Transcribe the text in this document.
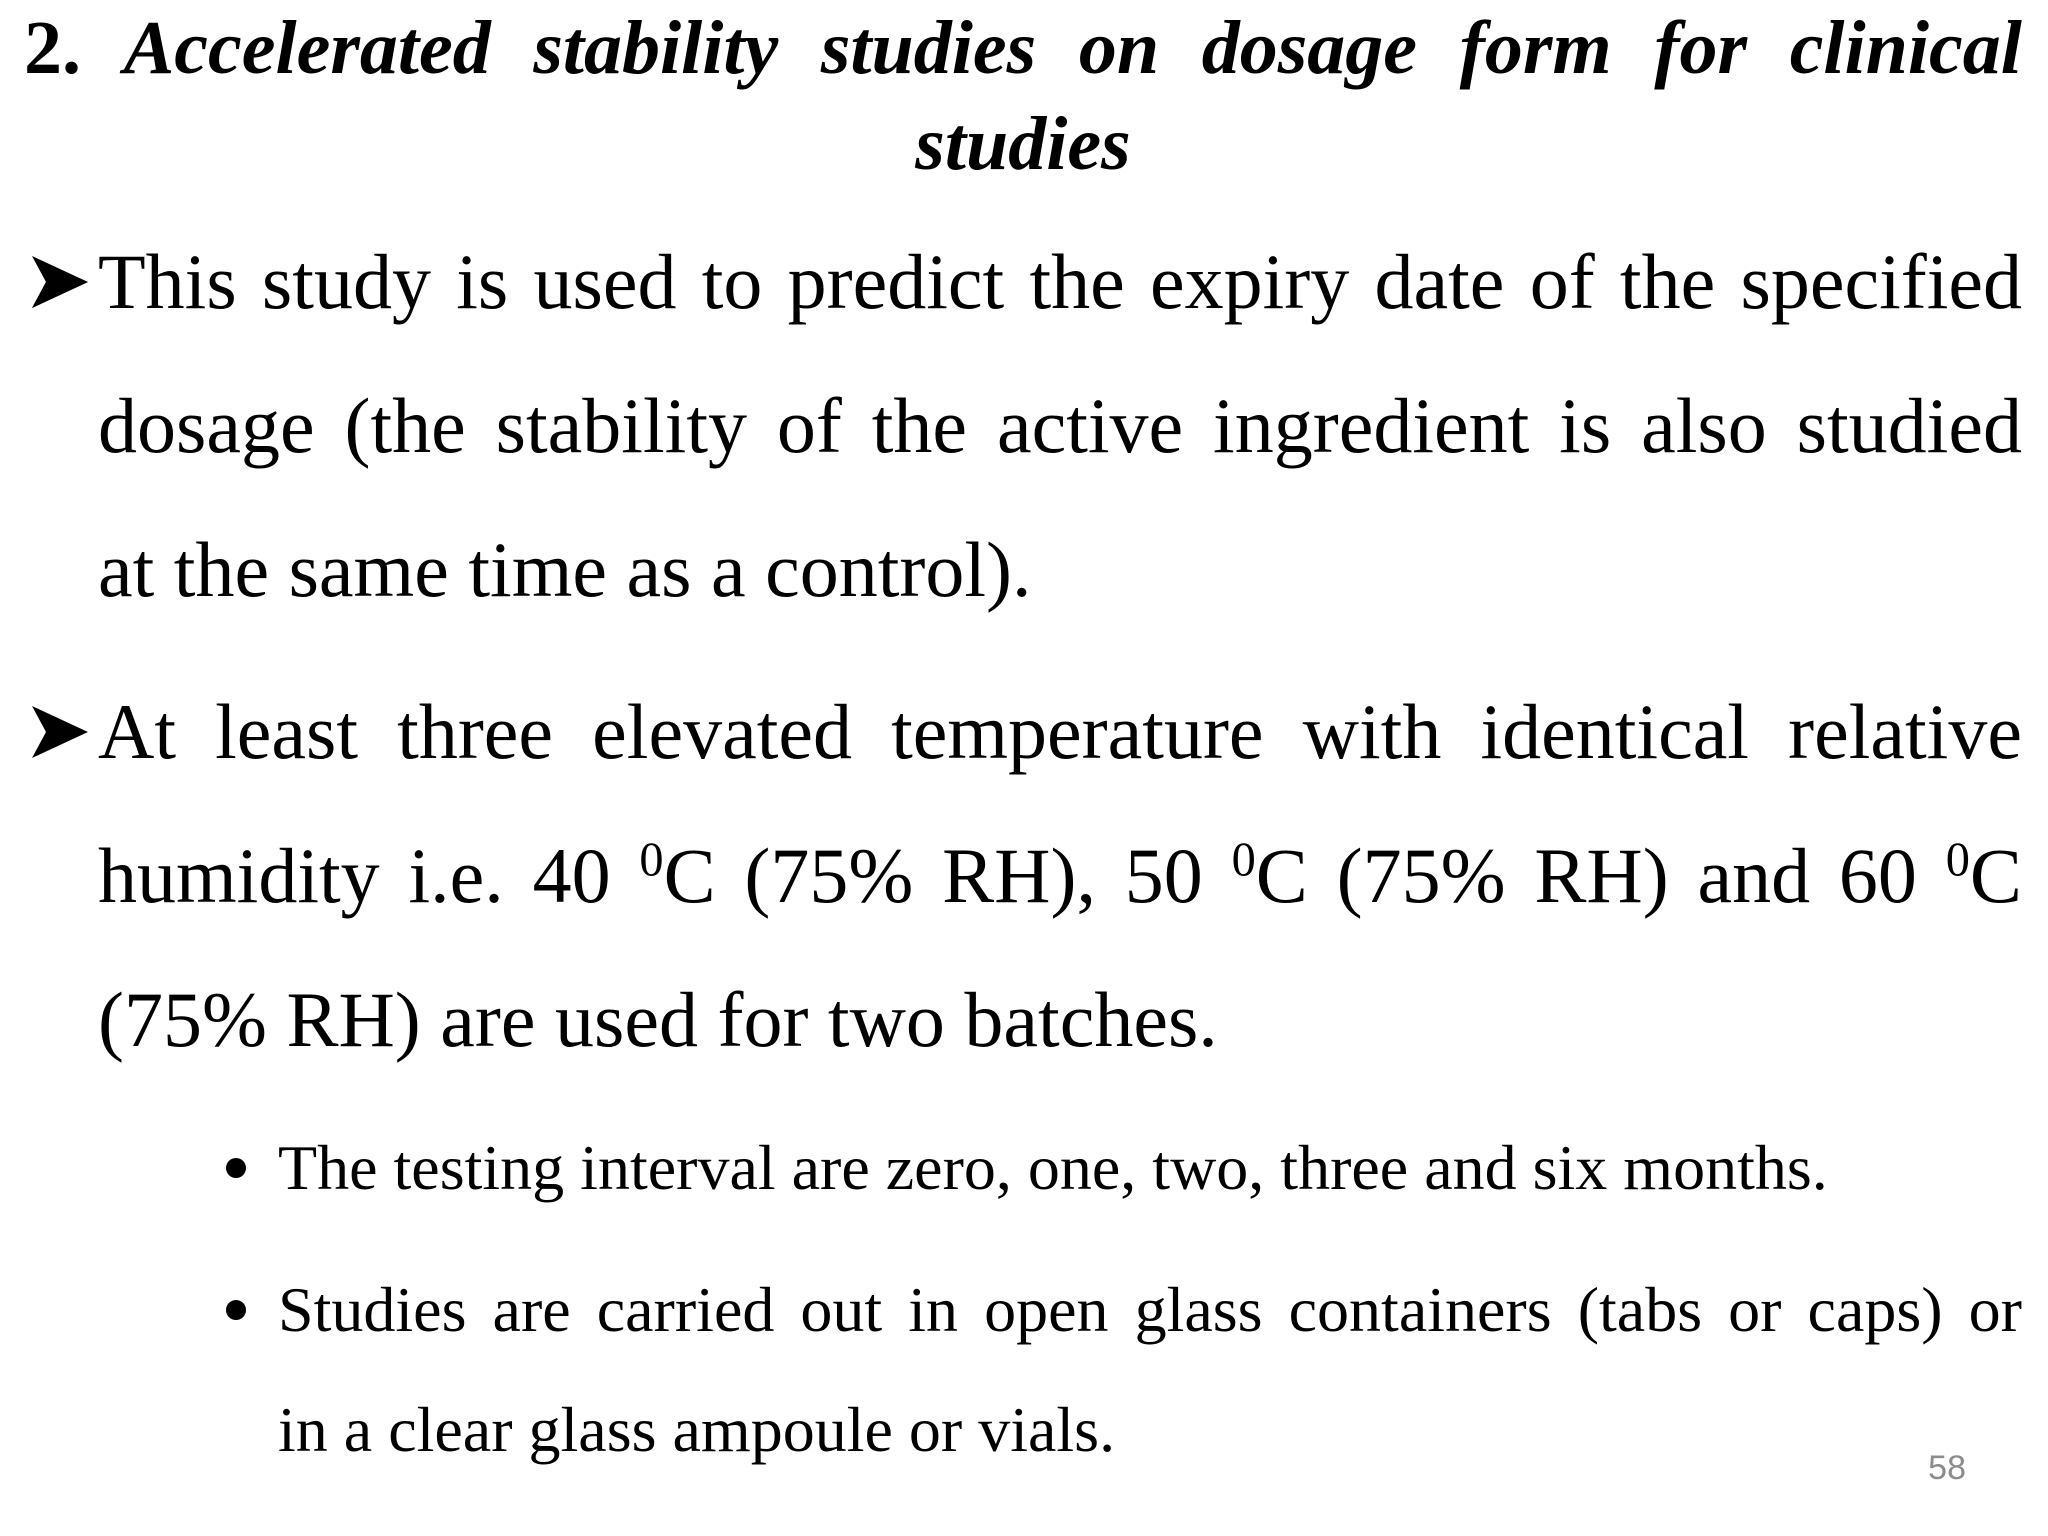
2. Accelerated stability studies on dosage form for clinical
studies
This study is used to predict the expiry date of the specified
dosage (the stability of the active ingredient is also studied
at the same time as a control).
At least three elevated temperature with identical relative
humidity i.e. 40 $^0$C (75% RH), 50 $^0$C (75% RH) and 60 $^0$C
(75% RH) are used for two batches.
The testing interval are zero, one, two, three and six months.
Studies are carried out in open glass containers (tabs or caps) or
in a clear glass ampoule or vials.
58
